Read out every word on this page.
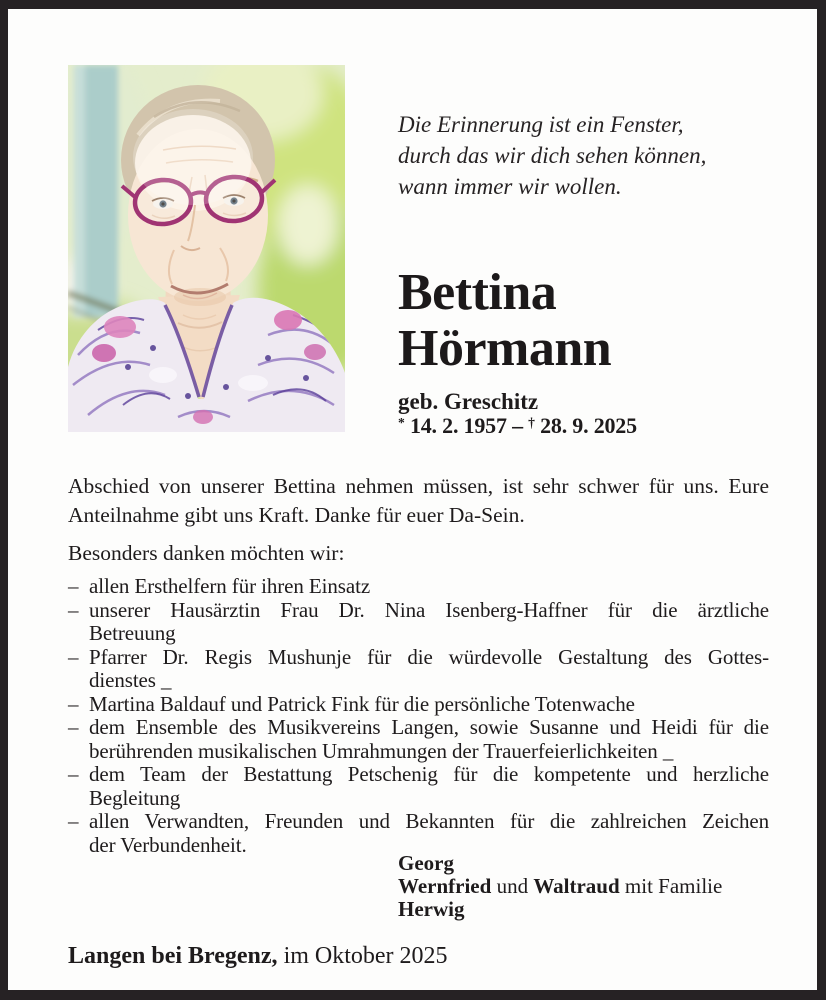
Die Erinnerung ist ein Fenster,
durch das wir dich sehen können,
wann immer wir wollen.
Bettina
Hörmann
geb. Greschitz
* 14. 2. 1957 – † 28. 9. 2025
Abschied von unserer Bettina nehmen müssen, ist sehr schwer für uns. Eure
Anteilnahme gibt uns Kraft. Danke für euer Da-Sein.
Besonders danken möchten wir:
– allen Ersthelfern für ihren Einsatz
– unserer Hausärztin Frau Dr. Nina Isenberg-Haffner für die ärztliche
Betreuung
– Pfarrer Dr. Regis Mushunje für die würdevolle Gestaltung des Gottes-
dienstes _
– Martina Baldauf und Patrick Fink für die persönliche Totenwache
– dem Ensemble des Musikvereins Langen, sowie Susanne und Heidi für die
berührenden musikalischen Umrahmungen der Trauerfeierlichkeiten _
– dem Team der Bestattung Petschenig für die kompetente und herzliche
Begleitung
– allen Verwandten, Freunden und Bekannten für die zahlreichen Zeichen
der Verbundenheit.
Georg
Wernfried und Waltraud mit Familie
Herwig
Langen bei Bregenz, im Oktober 2025
